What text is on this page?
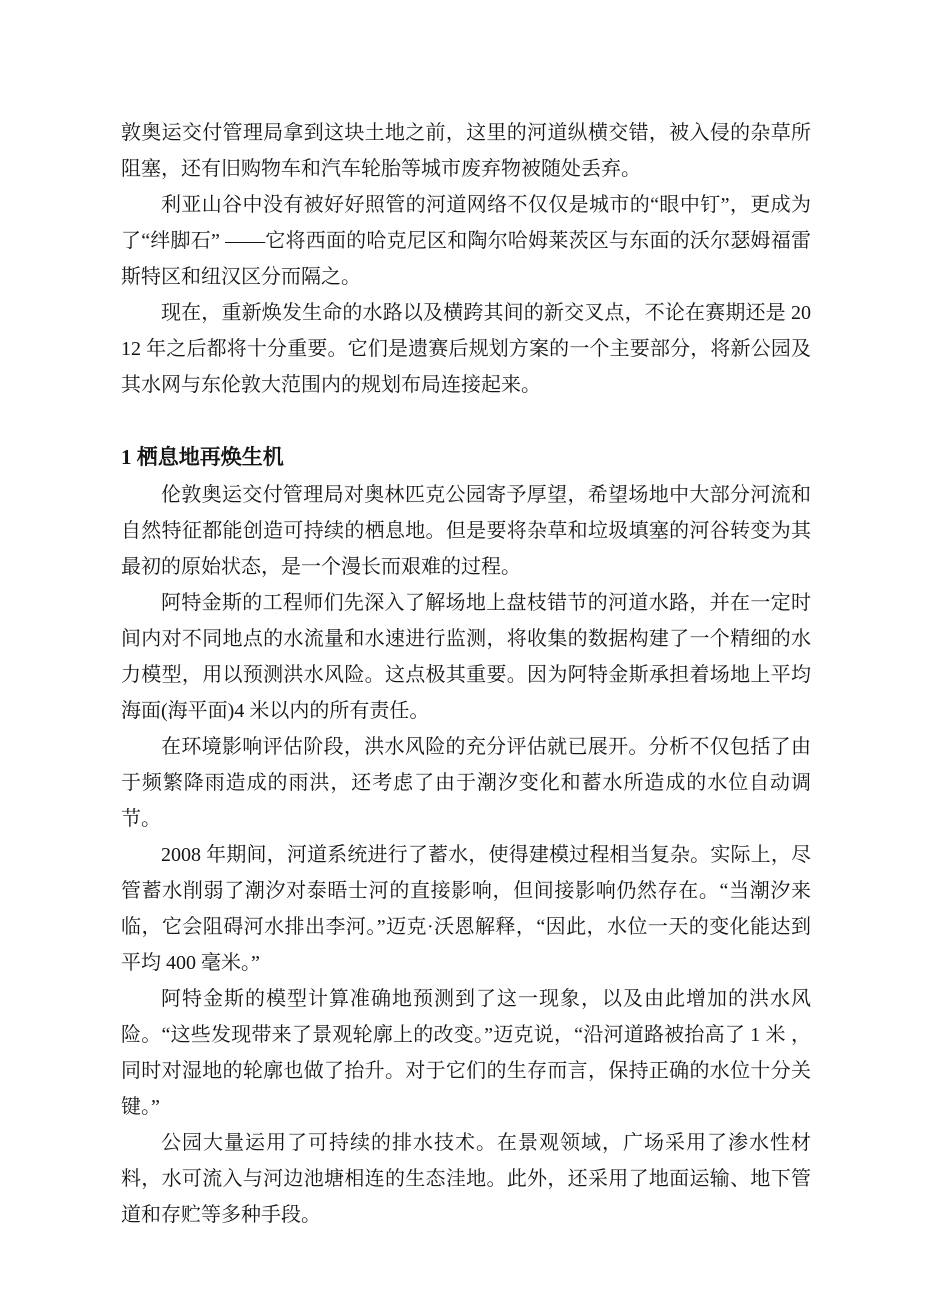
敦奥运交付管理局拿到这块土地之前，这里的河道纵横交错，被入侵的杂草所阻塞，还有旧购物车和汽车轮胎等城市废弃物被随处丢弃。

利亚山谷中没有被好好照管的河道网络不仅仅是城市的“眼中钉”，更成为了“绊脚石” ——它将西面的哈克尼区和陶尔哈姆莱茨区与东面的沃尔瑟姆福雷斯特区和纽汉区分而隔之。

现在，重新焕发生命的水路以及横跨其间的新交叉点，不论在赛期还是 2012 年之后都将十分重要。它们是遗赛后规划方案的一个主要部分，将新公园及其水网与东伦敦大范围内的规划布局连接起来。

1 栖息地再焕生机

伦敦奥运交付管理局对奥林匹克公园寄予厚望，希望场地中大部分河流和自然特征都能创造可持续的栖息地。但是要将杂草和垃圾填塞的河谷转变为其最初的原始状态，是一个漫长而艰难的过程。

阿特金斯的工程师们先深入了解场地上盘枝错节的河道水路，并在一定时间内对不同地点的水流量和水速进行监测，将收集的数据构建了一个精细的水力模型，用以预测洪水风险。这点极其重要。因为阿特金斯承担着场地上平均海面(海平面)4 米以内的所有责任。

在环境影响评估阶段，洪水风险的充分评估就已展开。分析不仅包括了由于频繁降雨造成的雨洪，还考虑了由于潮汐变化和蓄水所造成的水位自动调节。

2008 年期间，河道系统进行了蓄水，使得建模过程相当复杂。实际上，尽管蓄水削弱了潮汐对泰晤士河的直接影响，但间接影响仍然存在。“当潮汐来临，它会阻碍河水排出李河。”迈克·沃恩解释，“因此，水位一天的变化能达到平均 400 毫米。”

阿特金斯的模型计算准确地预测到了这一现象，以及由此增加的洪水风险。“这些发现带来了景观轮廓上的改变。”迈克说，“沿河道路被抬高了 1 米 ，同时对湿地的轮廓也做了抬升。对于它们的生存而言，保持正确的水位十分关键。”

公园大量运用了可持续的排水技术。在景观领域，广场采用了渗水性材料，水可流入与河边池塘相连的生态洼地。此外，还采用了地面运输、地下管道和存贮等多种手段。
